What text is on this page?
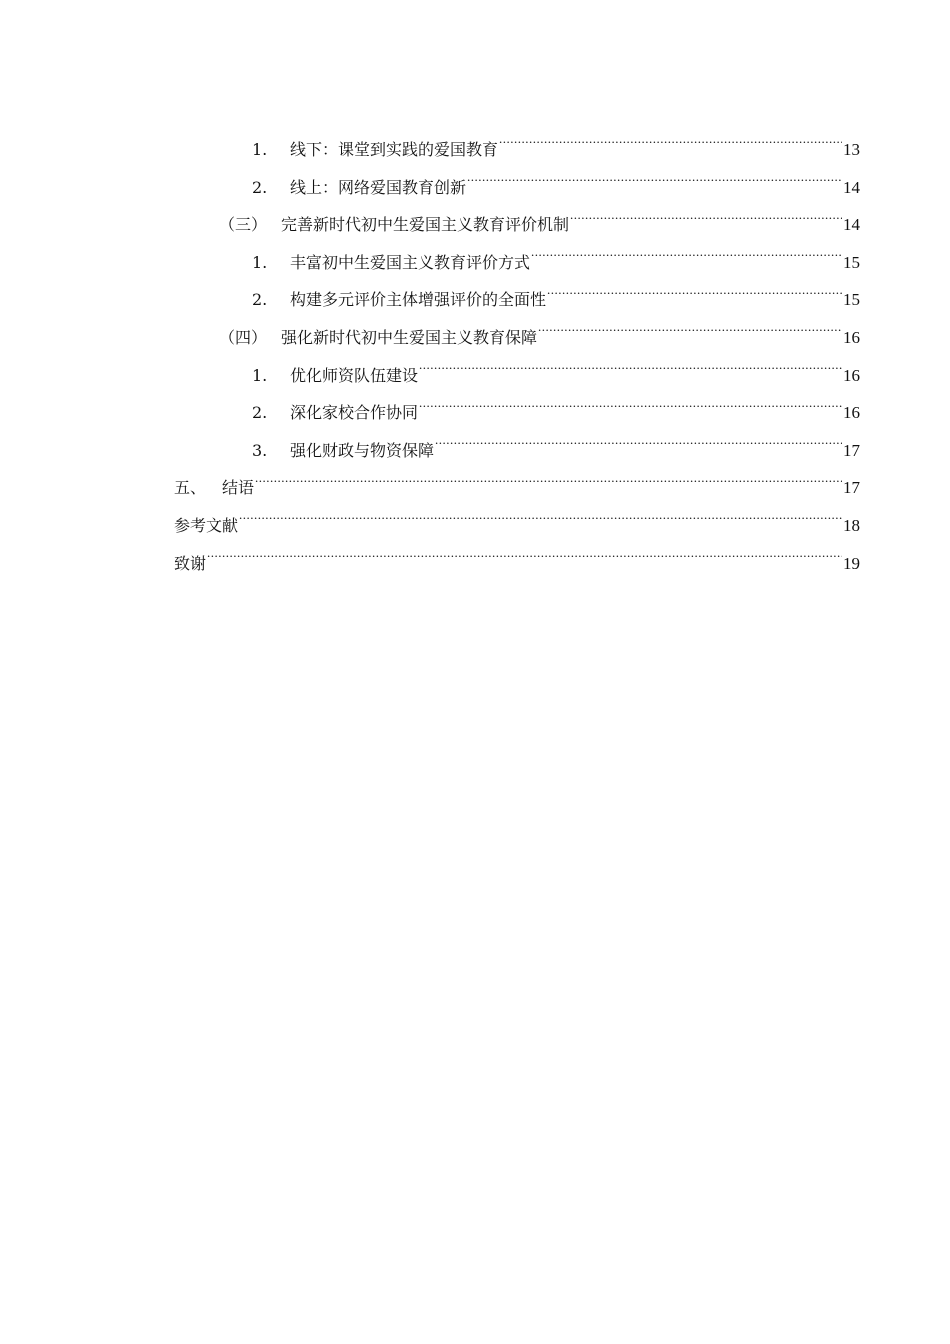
1.	线下：课堂到实践的爱国教育 .....	13
2.	线上：网络爱国教育创新 .....	14
（三） 完善新时代初中生爱国主义教育评价机制 .....	14
1.	丰富初中生爱国主义教育评价方式 .....	15
2.	构建多元评价主体增强评价的全面性 .....	15
（四） 强化新时代初中生爱国主义教育保障 .....	16
1.	优化师资队伍建设 .....	16
2.	深化家校合作协同 .....	16
3.	强化财政与物资保障 .....	17
五、 结语 .....	17
参考文献 .....	18
致谢 .....	19
